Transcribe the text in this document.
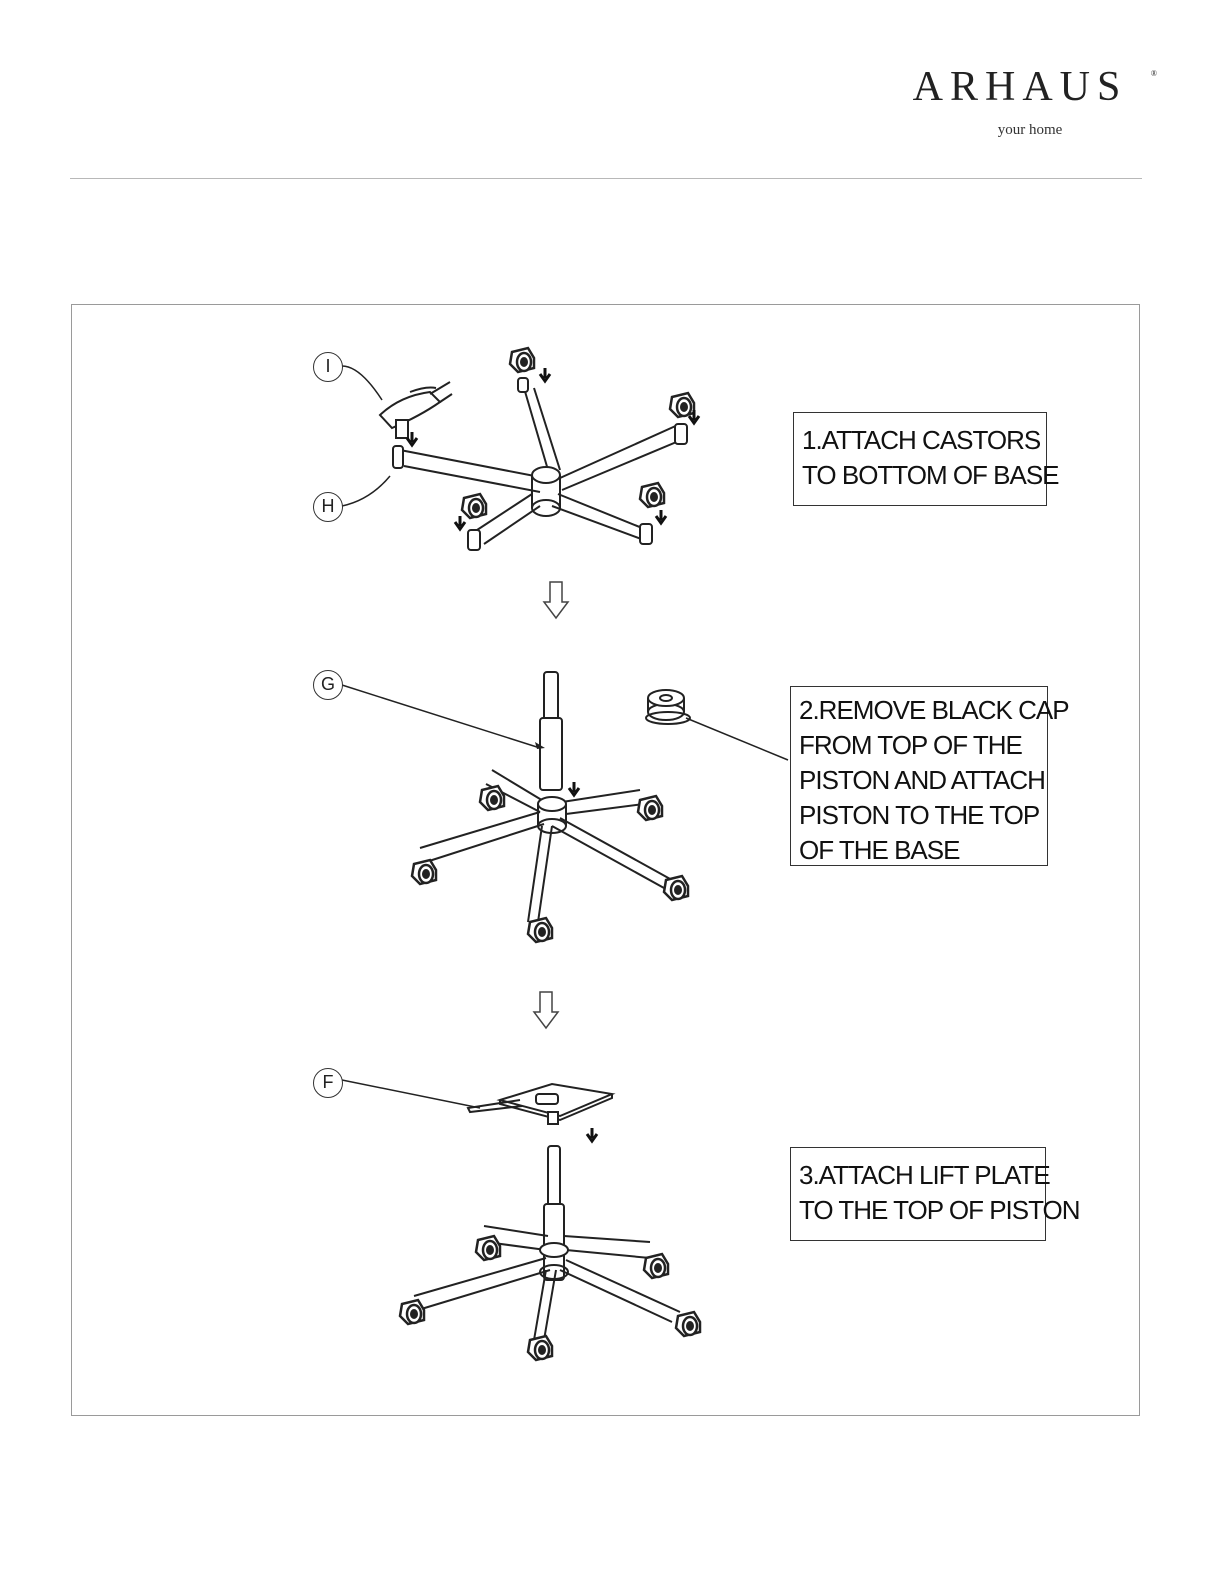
ARHAUS	®
your home
I
H
G
F
1.ATTACH CASTORS
TO BOTTOM OF BASE
2.REMOVE BLACK CAP
FROM TOP OF THE
PISTON AND ATTACH
PISTON TO THE TOP
OF THE BASE
3.ATTACH LIFT PLATE
TO THE TOP OF PISTON
